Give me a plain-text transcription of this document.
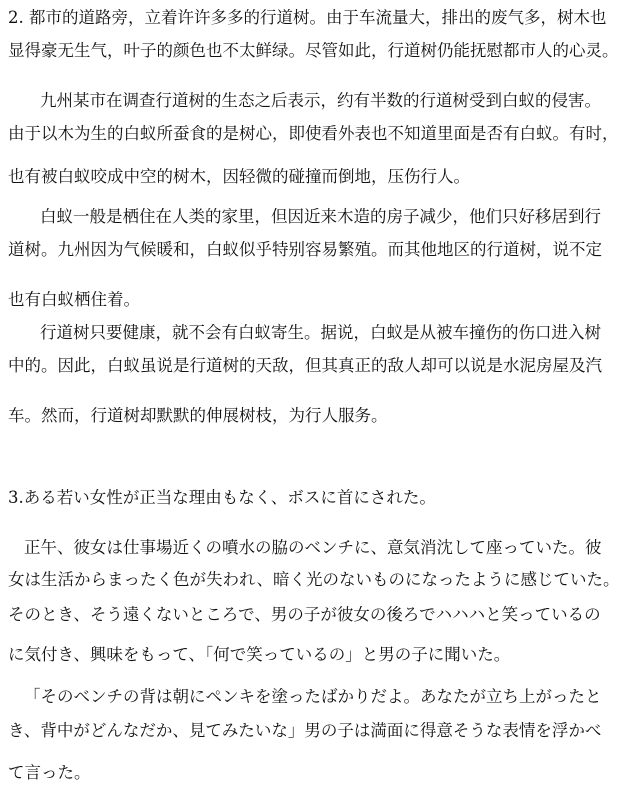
2. 都市的道路旁，立着许许多多的行道树。由于车流量大，排出的废气多，树木也
显得豪无生气，叶子的颜色也不太鲜绿。尽管如此，行道树仍能抚慰都市人的心灵。
九州某市在调查行道树的生态之后表示，约有半数的行道树受到白蚁的侵害。
由于以木为生的白蚁所蚕食的是树心，即使看外表也不知道里面是否有白蚁。有时，
也有被白蚁咬成中空的树木，因轻微的碰撞而倒地，压伤行人。
白蚁一般是栖住在人类的家里，但因近来木造的房子减少，他们只好移居到行
道树。九州因为气候暖和，白蚁似乎特别容易繁殖。而其他地区的行道树，说不定
也有白蚁栖住着。
行道树只要健康，就不会有白蚁寄生。据说，白蚁是从被车撞伤的伤口进入树
中的。因此，白蚁虽说是行道树的天敌，但其真正的敌人却可以说是水泥房屋及汽
车。然而，行道树却默默的伸展树枝，为行人服务。
3.ある若い女性が正当な理由もなく、ボスに首にされた。
正午、彼女は仕事場近くの噴水の脇のベンチに、意気消沈して座っていた。彼
女は生活からまったく色が失われ、暗く光のないものになったように感じていた。
そのとき、そう遠くないところで、男の子が彼女の後ろでハハハと笑っているの
に気付き、興味をもって、「何で笑っているの」と男の子に聞いた。
「そのベンチの背は朝にペンキを塗ったばかりだよ。あなたが立ち上がったと
き、背中がどんなだか、見てみたいな」男の子は満面に得意そうな表情を浮かべ
て言った。
